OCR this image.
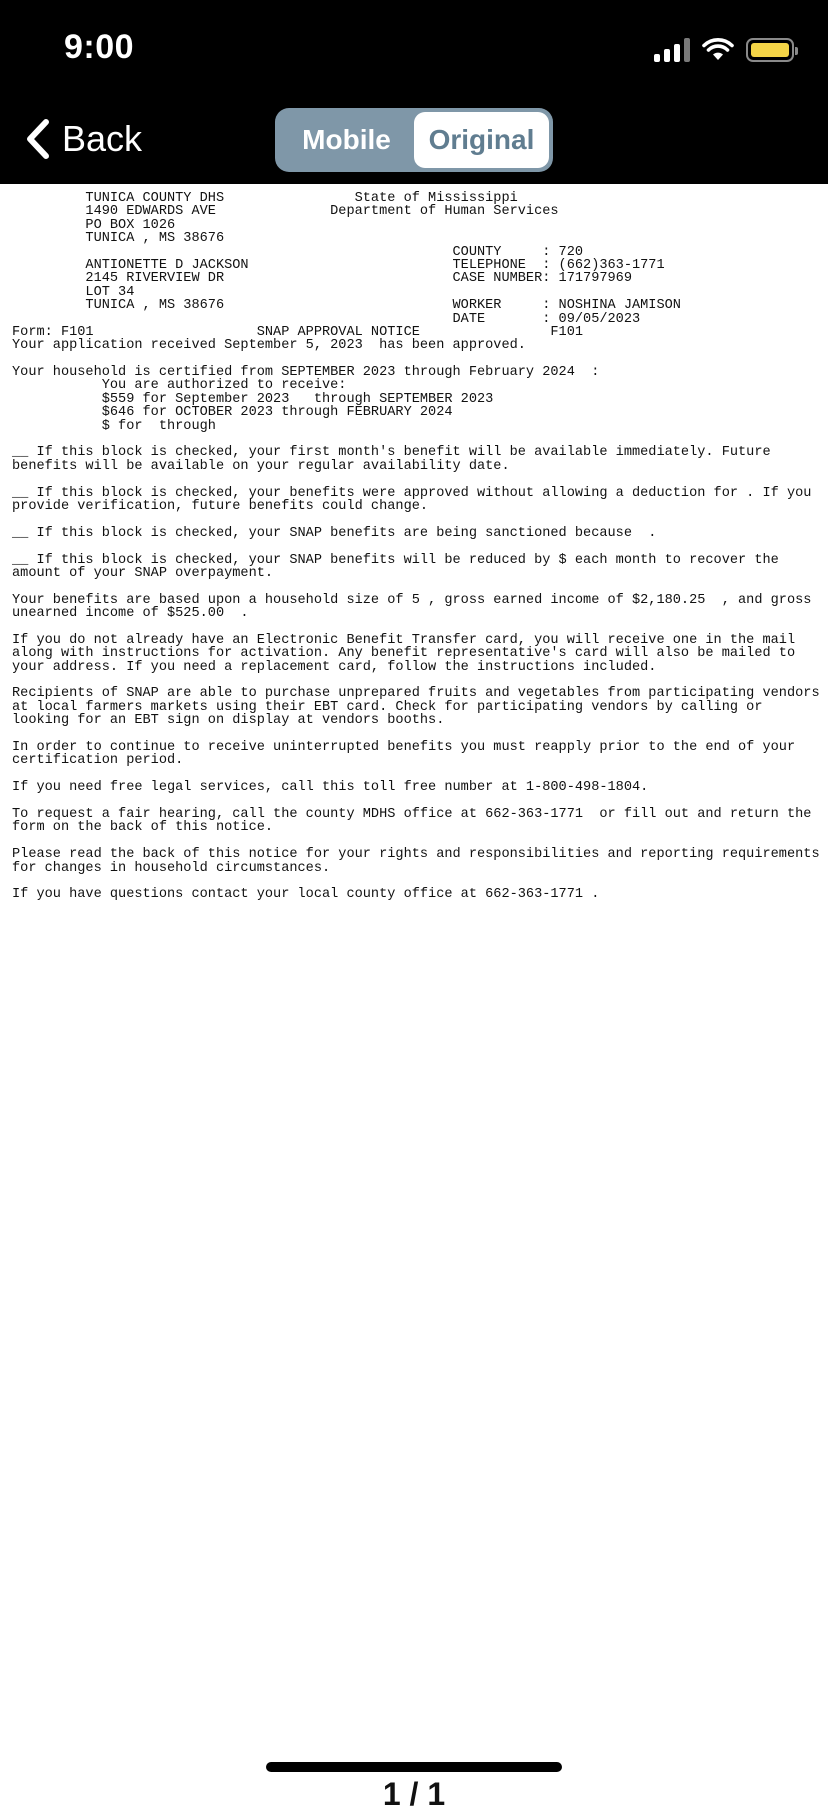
9:00
Back	Mobile	Original
TUNICA COUNTY DHS                State of Mississippi
1490 EDWARDS AVE              Department of Human Services
PO BOX 1026
TUNICA , MS 38676
COUNTY     : 720
ANTIONETTE D JACKSON                         TELEPHONE  : (662)363-1771
2145 RIVERVIEW DR                            CASE NUMBER: 171797969
LOT 34
TUNICA , MS 38676                            WORKER     : NOSHINA JAMISON
DATE       : 09/05/2023
Form: F101                    SNAP APPROVAL NOTICE                F101
Your application received September 5, 2023  has been approved.
Your household is certified from SEPTEMBER 2023 through February 2024  :
You are authorized to receive:
$559 for September 2023   through SEPTEMBER 2023
$646 for OCTOBER 2023 through FEBRUARY 2024
$ for  through
__ If this block is checked, your first month's benefit will be available immediately. Future
benefits will be available on your regular availability date.
__ If this block is checked, your benefits were approved without allowing a deduction for . If you
provide verification, future benefits could change.
__ If this block is checked, your SNAP benefits are being sanctioned because  .
__ If this block is checked, your SNAP benefits will be reduced by $ each month to recover the
amount of your SNAP overpayment.
Your benefits are based upon a household size of 5 , gross earned income of $2,180.25  , and gross
unearned income of $525.00  .
If you do not already have an Electronic Benefit Transfer card, you will receive one in the mail
along with instructions for activation. Any benefit representative's card will also be mailed to
your address. If you need a replacement card, follow the instructions included.
Recipients of SNAP are able to purchase unprepared fruits and vegetables from participating vendors
at local farmers markets using their EBT card. Check for participating vendors by calling or
looking for an EBT sign on display at vendors booths.
In order to continue to receive uninterrupted benefits you must reapply prior to the end of your
certification period.
If you need free legal services, call this toll free number at 1-800-498-1804.
To request a fair hearing, call the county MDHS office at 662-363-1771  or fill out and return the
form on the back of this notice.
Please read the back of this notice for your rights and responsibilities and reporting requirements
for changes in household circumstances.
If you have questions contact your local county office at 662-363-1771 .
1 / 1
